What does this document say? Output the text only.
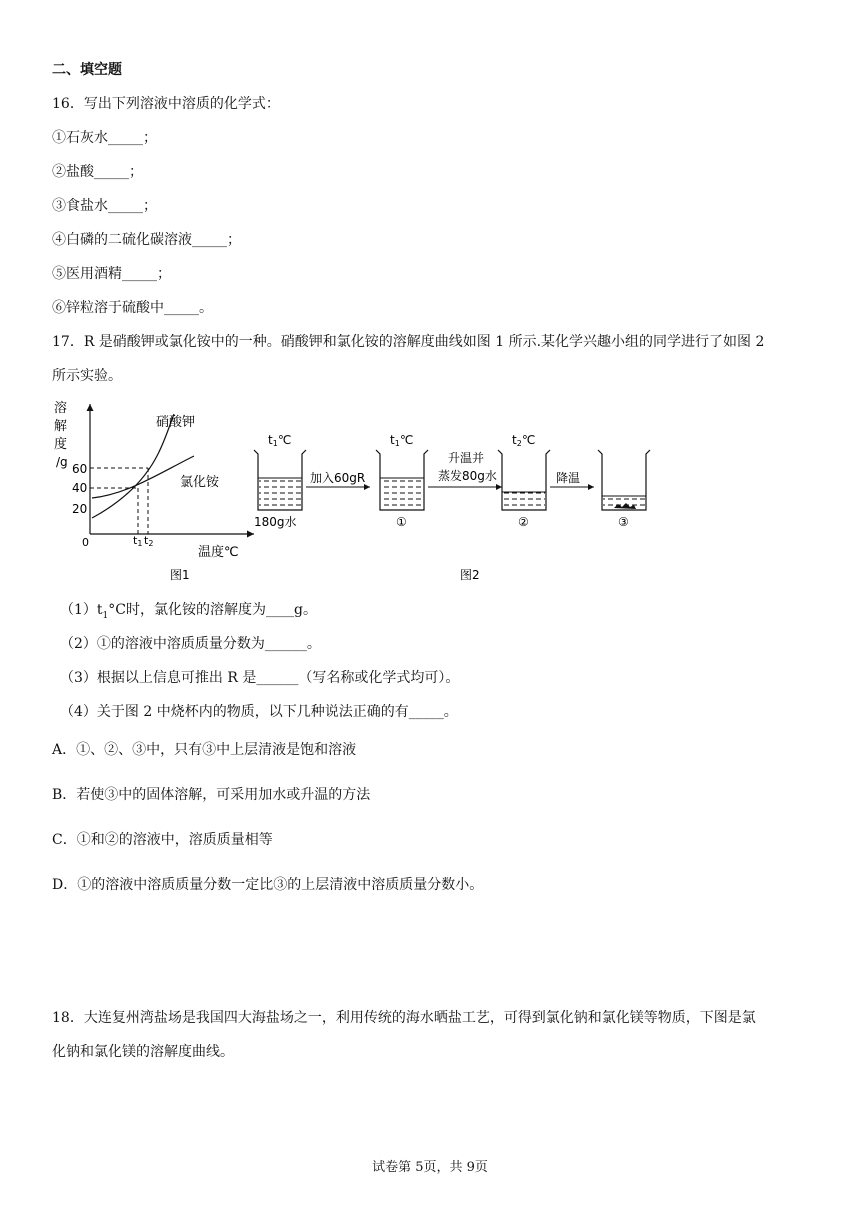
二、填空题
16．写出下列溶液中溶质的化学式：
①石灰水_____；
②盐酸_____；
③食盐水_____；
④白磷的二硫化碳溶液_____；
⑤医用酒精_____；
⑥锌粒溶于硫酸中_____。
17．R 是硝酸钾或氯化铵中的一种。硝酸钾和氯化铵的溶解度曲线如图 1 所示.某化学兴趣小组的同学进行了如图 2
所示实验。
溶
解
度
/g 60
40
20
0
硝酸钾
氯化铵
t1 t2
温度℃
图1
t1℃
180g水
加入60gR
t1℃
①
升温并
蒸发80g水
t2℃
②
降温
③
图2
$(1)t_1^\circ C$时，氯化铵的溶解度为____g。
（2）①的溶液中溶质质量分数为______。
（3）根据以上信息可推出 R 是______（写名称或化学式均可）。
（4）关于图 2 中烧杯内的物质，以下几种说法正确的有_____。
A．①、②、③中，只有③中上层清液是饱和溶液
B．若使③中的固体溶解，可采用加水或升温的方法
C．①和②的溶液中，溶质质量相等
D．①的溶液中溶质质量分数一定比③的上层清液中溶质质量分数小。
18．大连复州湾盐场是我国四大海盐场之一，利用传统的海水晒盐工艺，可得到氯化钠和氯化镁等物质，下图是氯
化钠和氯化镁的溶解度曲线。
试卷第 5页，共 9页
